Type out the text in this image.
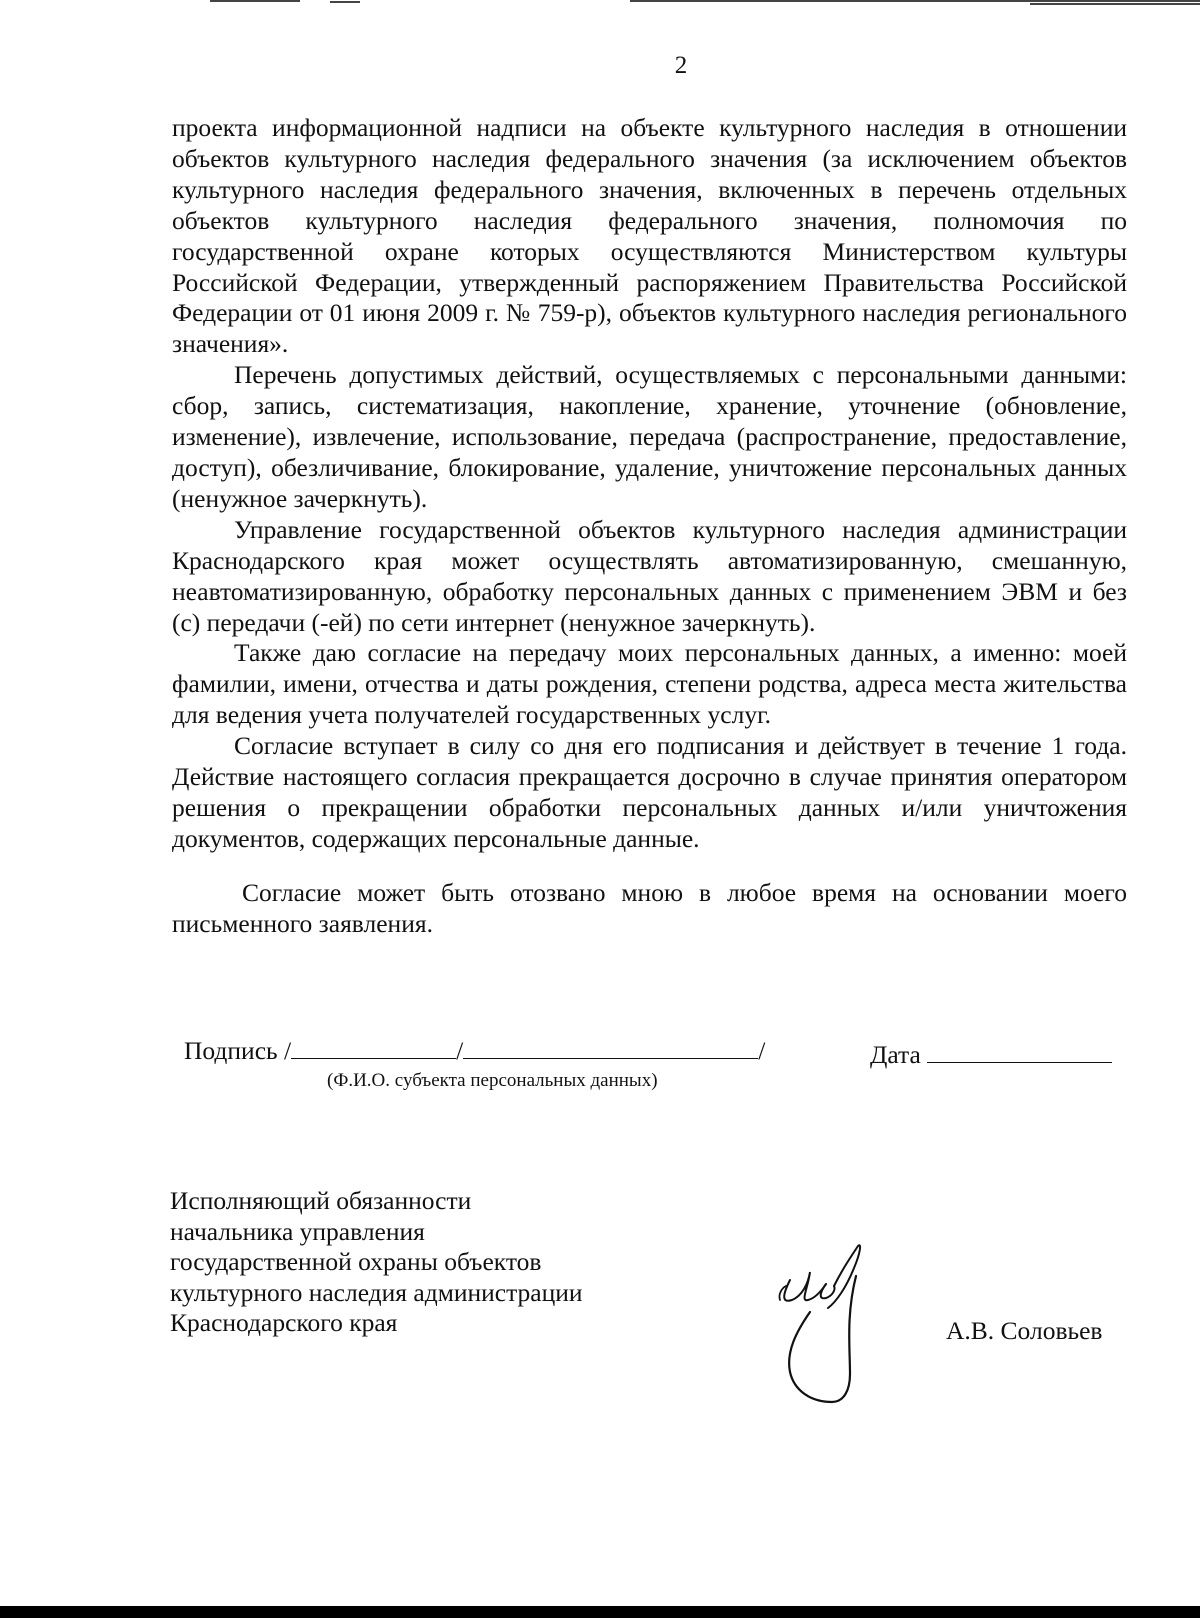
2

проекта информационной надписи на объекте культурного наследия в отношении объектов культурного наследия федерального значения (за исключением объектов культурного наследия федерального значения, включенных в перечень отдельных объектов культурного наследия федерального значения, полномочия по государственной охране которых осуществляются Министерством культуры Российской Федерации, утвержденный распоряжением Правительства Российской Федерации от 01 июня 2009 г. № 759-р), объектов культурного наследия регионального значения».

Перечень допустимых действий, осуществляемых с персональными данными: сбор, запись, систематизация, накопление, хранение, уточнение (обновление, изменение), извлечение, использование, передача (распространение, предоставление, доступ), обезличивание, блокирование, удаление, уничтожение персональных данных (ненужное зачеркнуть).

Управление государственной объектов культурного наследия администрации Краснодарского края может осуществлять автоматизированную, смешанную, неавтоматизированную, обработку персональных данных с применением ЭВМ и без (с) передачи (-ей) по сети интернет (ненужное зачеркнуть).

Также даю согласие на передачу моих персональных данных, а именно: моей фамилии, имени, отчества и даты рождения, степени родства, адреса места жительства для ведения учета получателей государственных услуг.

Согласие вступает в силу со дня его подписания и действует в течение 1 года. Действие настоящего согласия прекращается досрочно в случае принятия оператором решения о прекращении обработки персональных данных и/или уничтожения документов, содержащих персональные данные.

Согласие может быть отозвано мною в любое время на основании моего письменного заявления.

Подпись /	/	/
(Ф.И.О. субъекта персональных данных)
Дата
Исполняющий обязанности
начальника управления
государственной охраны объектов
культурного наследия администрации
Краснодарского края	А.В. Соловьев
